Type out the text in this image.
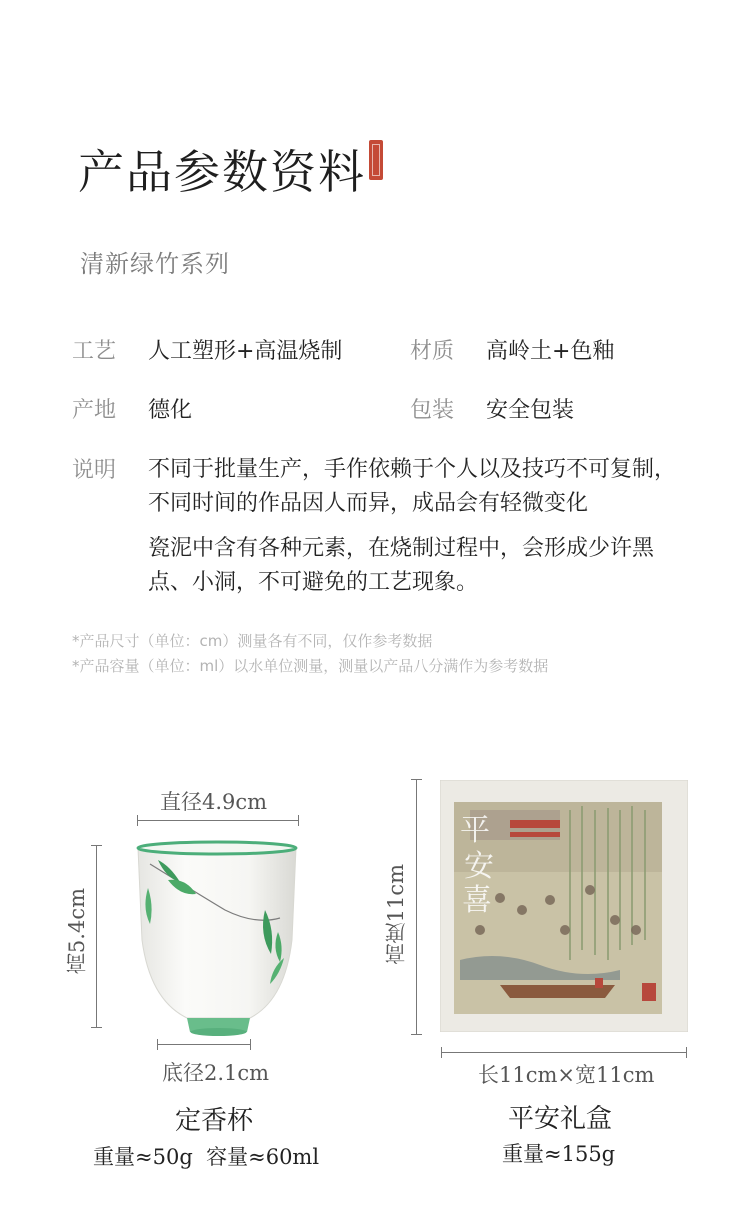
产品参数资料
清新绿竹系列
工艺 人工塑形+高温烧制	材质 高岭土+色釉
产地 德化	包装 安全包装
说明 不同于批量生产，手作依赖于个人以及技巧不可复制，不同时间的作品因人而异，成品会有轻微变化
瓷泥中含有各种元素，在烧制过程中，会形成少许黑点、小洞，不可避免的工艺现象。
*产品尺寸（单位：cm）测量各有不同，仅作参考数据
*产品容量（单位：ml）以水单位测量，测量以产品八分满作为参考数据
直径4.9cm
高5.4cm
底径2.1cm
定香杯
重量≈50g  容量≈60ml
高度11cm
平
安
喜
长11cm×宽11cm
平安礼盒
重量≈155g
